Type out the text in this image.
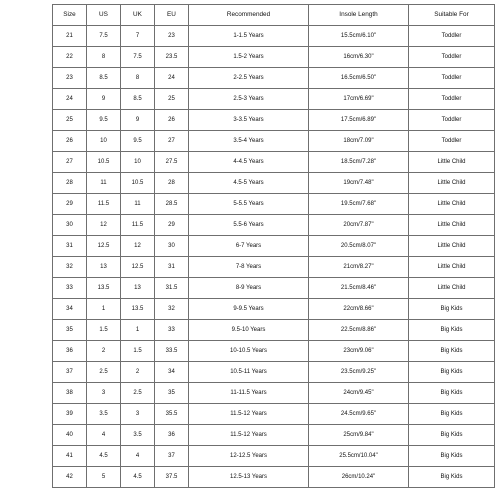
Size	US	UK	EU	Recommended	Insole Length	Suitable For
21	7.5	7	23	1-1.5 Years	15.5cm/6.10"	Toddler
22	8	7.5	23.5	1.5-2 Years	16cm/6.30"	Toddler
23	8.5	8	24	2-2.5 Years	16.5cm/6.50"	Toddler
24	9	8.5	25	2.5-3 Years	17cm/6.69"	Toddler
25	9.5	9	26	3-3.5 Years	17.5cm/6.89"	Toddler
26	10	9.5	27	3.5-4 Years	18cm/7.09"	Toddler
27	10.5	10	27.5	4-4.5 Years	18.5cm/7.28"	Little Child
28	11	10.5	28	4.5-5 Years	19cm/7.48"	Little Child
29	11.5	11	28.5	5-5.5 Years	19.5cm/7.68"	Little Child
30	12	11.5	29	5.5-6 Years	20cm/7.87"	Little Child
31	12.5	12	30	6-7 Years	20.5cm/8.07"	Little Child
32	13	12.5	31	7-8 Years	21cm/8.27"	Little Child
33	13.5	13	31.5	8-9 Years	21.5cm/8.46"	Little Child
34	1	13.5	32	9-9.5 Years	22cm/8.66"	Big Kids
35	1.5	1	33	9.5-10 Years	22.5cm/8.86"	Big Kids
36	2	1.5	33.5	10-10.5 Years	23cm/9.06"	Big Kids
37	2.5	2	34	10.5-11 Years	23.5cm/9.25"	Big Kids
38	3	2.5	35	11-11.5 Years	24cm/9.45"	Big Kids
39	3.5	3	35.5	11.5-12 Years	24.5cm/9.65"	Big Kids
40	4	3.5	36	11.5-12 Years	25cm/9.84"	Big Kids
41	4.5	4	37	12-12.5 Years	25.5cm/10.04"	Big Kids
42	5	4.5	37.5	12.5-13 Years	26cm/10.24"	Big Kids
